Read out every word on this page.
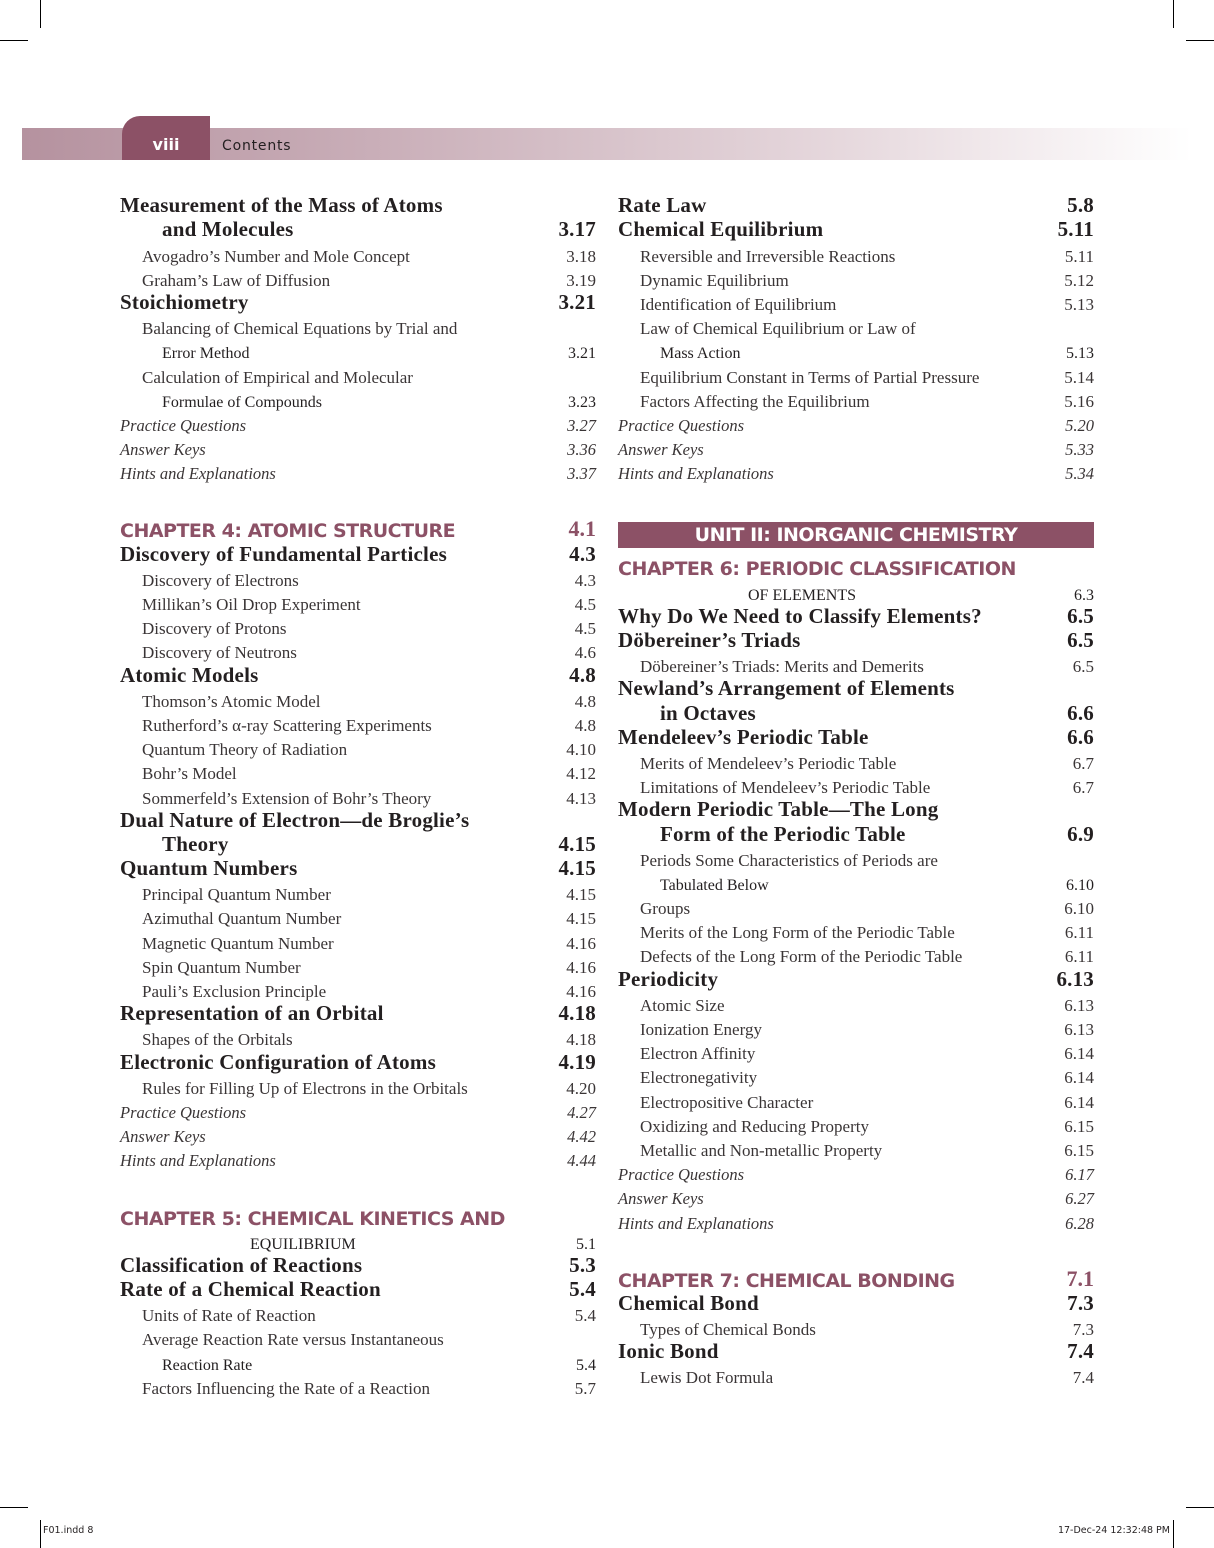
viii	Contents
Measurement of the Mass of Atoms
and Molecules	3.17
Avogadro’s Number and Mole Concept	3.18
Graham’s Law of Diffusion	3.19
Stoichiometry	3.21
Balancing of Chemical Equations by Trial and
Error Method	3.21
Calculation of Empirical and Molecular
Formulae of Compounds	3.23
Practice Questions	3.27
Answer Keys	3.36
Hints and Explanations	3.37
CHAPTER 4: ATOMIC STRUCTURE	4.1
Discovery of Fundamental Particles	4.3
Discovery of Electrons	4.3
Millikan’s Oil Drop Experiment	4.5
Discovery of Protons	4.5
Discovery of Neutrons	4.6
Atomic Models	4.8
Thomson’s Atomic Model	4.8
Rutherford’s α-ray Scattering Experiments	4.8
Quantum Theory of Radiation	4.10
Bohr’s Model	4.12
Sommerfeld’s Extension of Bohr’s Theory	4.13
Dual Nature of Electron—de Broglie’s
Theory	4.15
Quantum Numbers	4.15
Principal Quantum Number	4.15
Azimuthal Quantum Number	4.15
Magnetic Quantum Number	4.16
Spin Quantum Number	4.16
Pauli’s Exclusion Principle	4.16
Representation of an Orbital	4.18
Shapes of the Orbitals	4.18
Electronic Configuration of Atoms	4.19
Rules for Filling Up of Electrons in the Orbitals	4.20
Practice Questions	4.27
Answer Keys	4.42
Hints and Explanations	4.44
CHAPTER 5: CHEMICAL KINETICS AND
EQUILIBRIUM	5.1
Classification of Reactions	5.3
Rate of a Chemical Reaction	5.4
Units of Rate of Reaction	5.4
Average Reaction Rate versus Instantaneous
Reaction Rate	5.4
Factors Influencing the Rate of a Reaction	5.7
Rate Law	5.8
Chemical Equilibrium	5.11
Reversible and Irreversible Reactions	5.11
Dynamic Equilibrium	5.12
Identification of Equilibrium	5.13
Law of Chemical Equilibrium or Law of
Mass Action	5.13
Equilibrium Constant in Terms of Partial Pressure	5.14
Factors Affecting the Equilibrium	5.16
Practice Questions	5.20
Answer Keys	5.33
Hints and Explanations	5.34
UNIT II: INORGANIC CHEMISTRY
CHAPTER 6: PERIODIC CLASSIFICATION
OF ELEMENTS	6.3
Why Do We Need to Classify Elements?	6.5
Döbereiner’s Triads	6.5
Döbereiner’s Triads: Merits and Demerits	6.5
Newland’s Arrangement of Elements
in Octaves	6.6
Mendeleev’s Periodic Table	6.6
Merits of Mendeleev’s Periodic Table	6.7
Limitations of Mendeleev’s Periodic Table	6.7
Modern Periodic Table—The Long
Form of the Periodic Table	6.9
Periods Some Characteristics of Periods are
Tabulated Below	6.10
Groups	6.10
Merits of the Long Form of the Periodic Table	6.11
Defects of the Long Form of the Periodic Table	6.11
Periodicity	6.13
Atomic Size	6.13
Ionization Energy	6.13
Electron Affinity	6.14
Electronegativity	6.14
Electropositive Character	6.14
Oxidizing and Reducing Property	6.15
Metallic and Non-metallic Property	6.15
Practice Questions	6.17
Answer Keys	6.27
Hints and Explanations	6.28
CHAPTER 7: CHEMICAL BONDING	7.1
Chemical Bond	7.3
Types of Chemical Bonds	7.3
Ionic Bond	7.4
Lewis Dot Formula	7.4
F01.indd 8	17-Dec-24 12:32:48 PM
